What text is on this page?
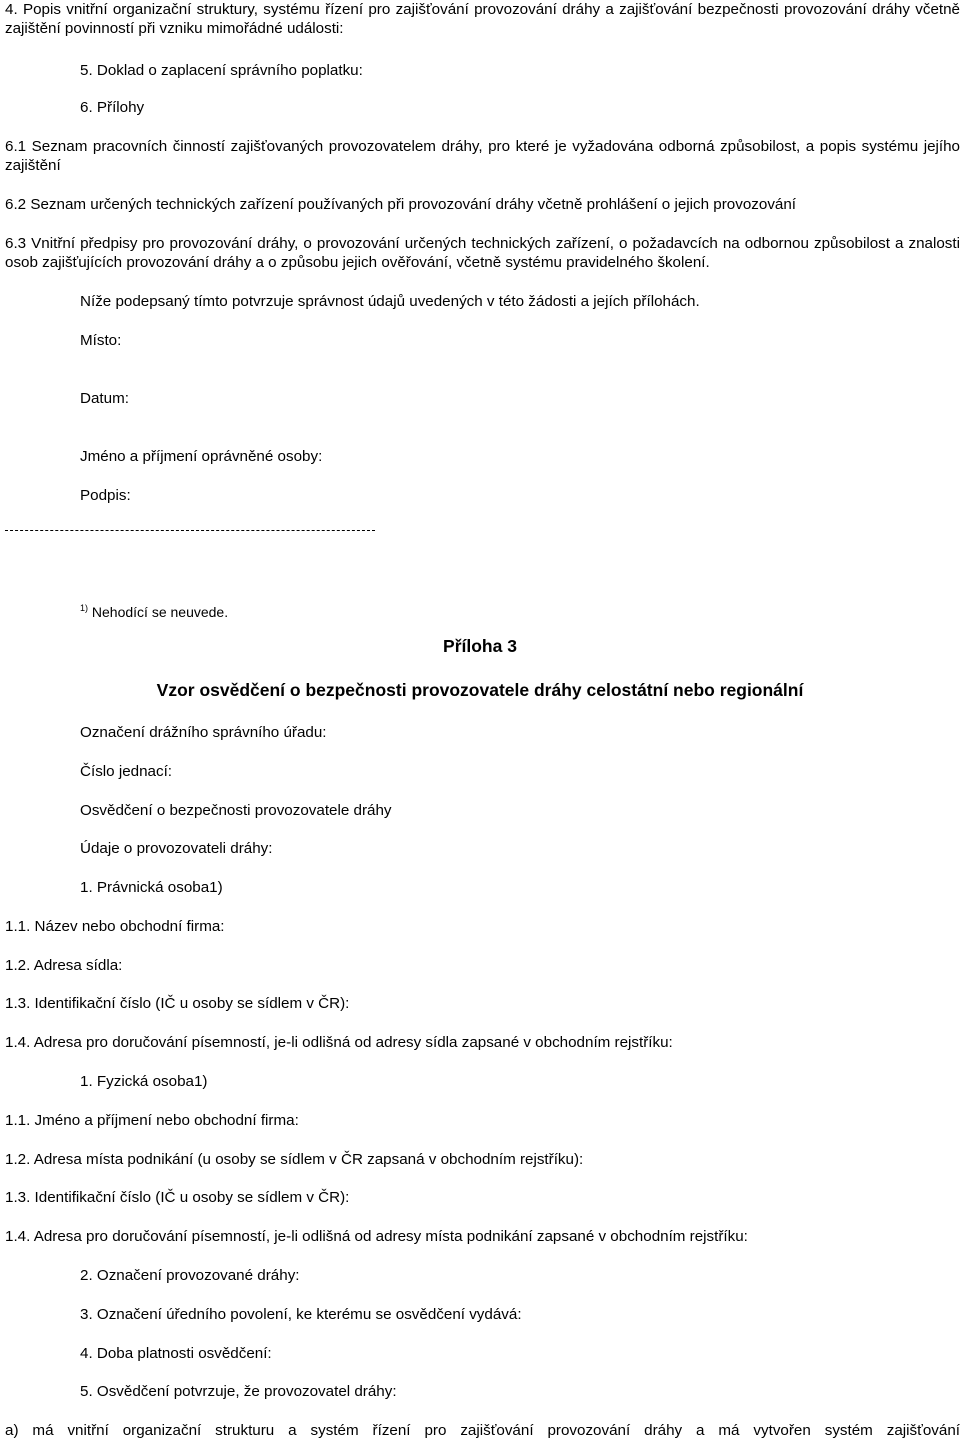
4. Popis vnitřní organizační struktury, systému řízení pro zajišťování provozování dráhy a zajišťování bezpečnosti provozování dráhy včetně zajištění povinností při vzniku mimořádné události:

5. Doklad o zaplacení správního poplatku:

6. Přílohy

6.1 Seznam pracovních činností zajišťovaných provozovatelem dráhy, pro které je vyžadována odborná způsobilost, a popis systému jejího zajištění

6.2 Seznam určených technických zařízení používaných při provozování dráhy včetně prohlášení o jejich provozování

6.3 Vnitřní předpisy pro provozování dráhy, o provozování určených technických zařízení, o požadavcích na odbornou způsobilost a znalosti osob zajišťujících provozování dráhy a o způsobu jejich ověřování, včetně systému pravidelného školení.

Níže podepsaný tímto potvrzuje správnost údajů uvedených v této žádosti a jejích přílohách.

Místo:

Datum:

Jméno a příjmení oprávněné osoby:

Podpis:

$^{1)}$ Nehodící se neuvede.

Příloha 3

Vzor osvědčení o bezpečnosti provozovatele dráhy celostátní nebo regionální

Označení drážního správního úřadu:

Číslo jednací:

Osvědčení o bezpečnosti provozovatele dráhy

Údaje o provozovateli dráhy:

1. Právnická osoba1)

1.1. Název nebo obchodní firma:

1.2. Adresa sídla:

1.3. Identifikační číslo (IČ u osoby se sídlem v ČR):

1.4. Adresa pro doručování písemností, je-li odlišná od adresy sídla zapsané v obchodním rejstříku:

1. Fyzická osoba1)

1.1. Jméno a příjmení nebo obchodní firma:

1.2. Adresa místa podnikání (u osoby se sídlem v ČR zapsaná v obchodním rejstříku):

1.3. Identifikační číslo (IČ u osoby se sídlem v ČR):

1.4. Adresa pro doručování písemností, je-li odlišná od adresy místa podnikání zapsané v obchodním rejstříku:

2. Označení provozované dráhy:

3. Označení úředního povolení, ke kterému se osvědčení vydává:

4. Doba platnosti osvědčení:

5. Osvědčení potvrzuje, že provozovatel dráhy:

a) má vnitřní organizační strukturu a systém řízení pro zajišťování provozování dráhy a má vytvořen systém zajišťování
